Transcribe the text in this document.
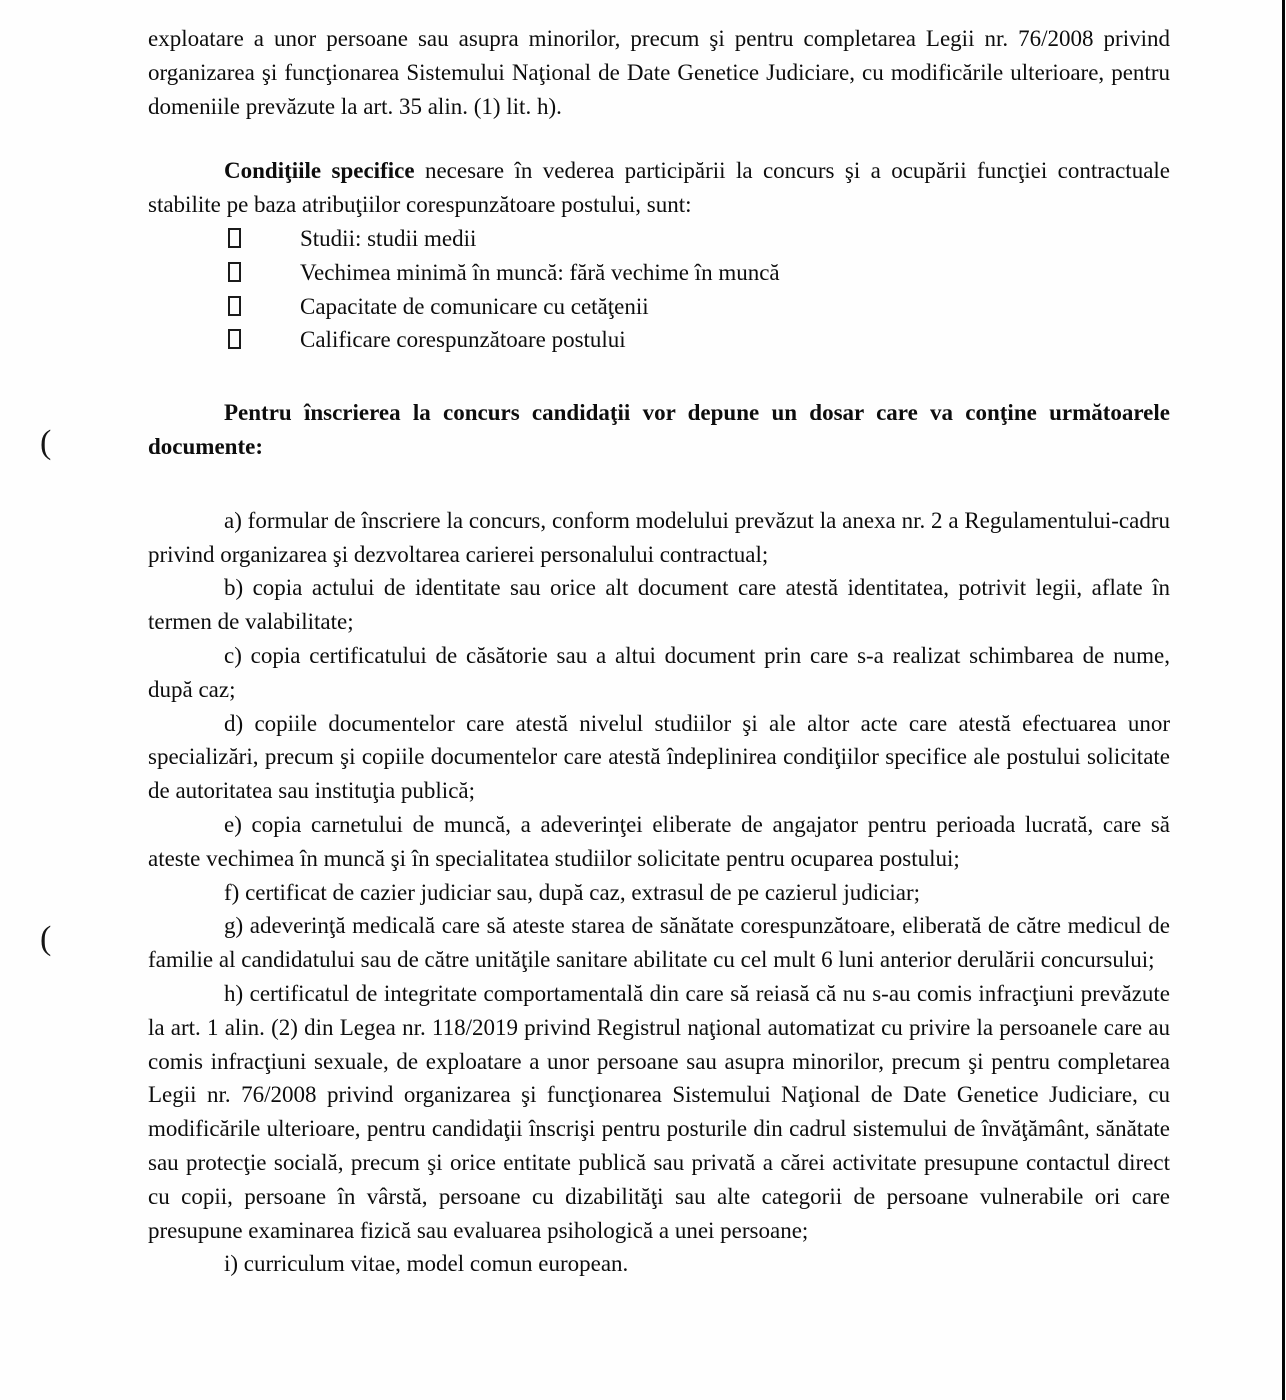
(
(

exploatare a unor persoane sau asupra minorilor, precum şi pentru completarea Legii nr. 76/2008 privind organizarea şi funcţionarea Sistemului Naţional de Date Genetice Judiciare, cu modificările ulterioare, pentru domeniile prevăzute la art. 35 alin. (1) lit. h).

Condiţiile specifice necesare în vederea participării la concurs şi a ocupării funcţiei contractuale stabilite pe baza atribuţiilor corespunzătoare postului, sunt:

Studii: studii medii
Vechimea minimă în muncă: fără vechime în muncă
Capacitate de comunicare cu cetăţenii
Calificare corespunzătoare postului

Pentru înscrierea la concurs candidaţii vor depune un dosar care va conţine următoarele documente:

a) formular de înscriere la concurs, conform modelului prevăzut la anexa nr. 2 a Regulamentului-cadru privind organizarea şi dezvoltarea carierei personalului contractual;

b) copia actului de identitate sau orice alt document care atestă identitatea, potrivit legii, aflate în termen de valabilitate;

c) copia certificatului de căsătorie sau a altui document prin care s-a realizat schimbarea de nume, după caz;

d) copiile documentelor care atestă nivelul studiilor şi ale altor acte care atestă efectuarea unor specializări, precum şi copiile documentelor care atestă îndeplinirea condiţiilor specifice ale postului solicitate de autoritatea sau instituţia publică;

e) copia carnetului de muncă, a adeverinţei eliberate de angajator pentru perioada lucrată, care să ateste vechimea în muncă şi în specialitatea studiilor solicitate pentru ocuparea postului;

f) certificat de cazier judiciar sau, după caz, extrasul de pe cazierul judiciar;

g) adeverinţă medicală care să ateste starea de sănătate corespunzătoare, eliberată de către medicul de familie al candidatului sau de către unităţile sanitare abilitate cu cel mult 6 luni anterior derulării concursului;

h) certificatul de integritate comportamentală din care să reiasă că nu s-au comis infracţiuni prevăzute la art. 1 alin. (2) din Legea nr. 118/2019 privind Registrul naţional automatizat cu privire la persoanele care au comis infracţiuni sexuale, de exploatare a unor persoane sau asupra minorilor, precum şi pentru completarea Legii nr. 76/2008 privind organizarea şi funcţionarea Sistemului Naţional de Date Genetice Judiciare, cu modificările ulterioare, pentru candidaţii înscrişi pentru posturile din cadrul sistemului de învăţământ, sănătate sau protecţie socială, precum şi orice entitate publică sau privată a cărei activitate presupune contactul direct cu copii, persoane în vârstă, persoane cu dizabilităţi sau alte categorii de persoane vulnerabile ori care presupune examinarea fizică sau evaluarea psihologică a unei persoane;

i) curriculum vitae, model comun european.
